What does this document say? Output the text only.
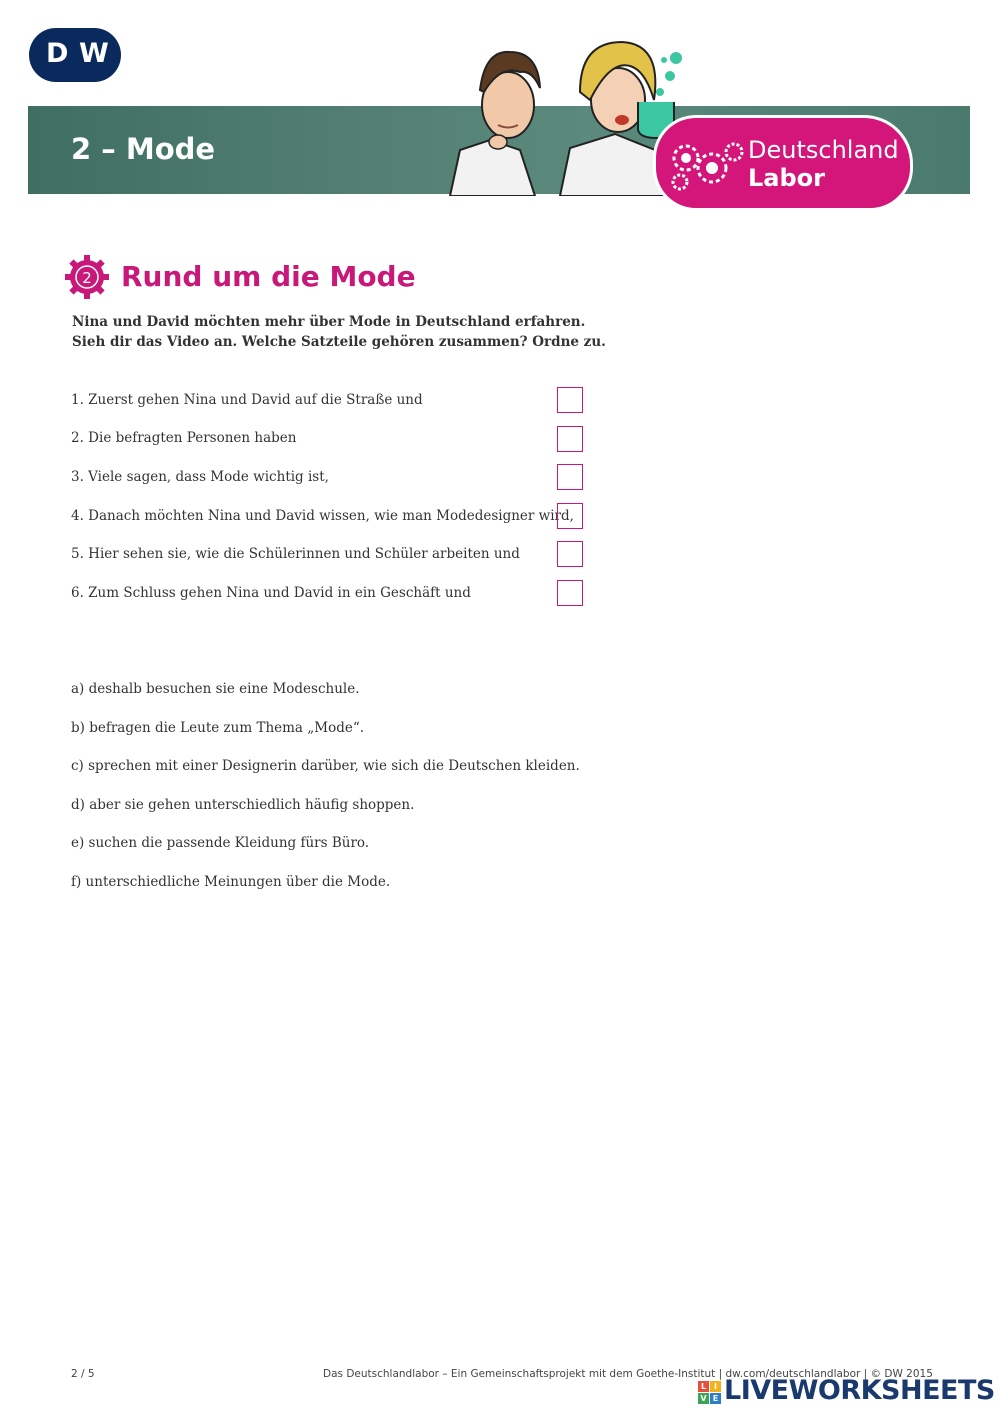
D W
2 – Mode	Deutschland
Labor
2 Rund um die Mode
Nina und David möchten mehr über Mode in Deutschland erfahren.
Sieh dir das Video an. Welche Satzteile gehören zusammen? Ordne zu.
1. Zuerst gehen Nina und David auf die Straße und
2. Die befragten Personen haben
3. Viele sagen, dass Mode wichtig ist,
4. Danach möchten Nina und David wissen, wie man Modedesigner wird,
5. Hier sehen sie, wie die Schülerinnen und Schüler arbeiten und
6. Zum Schluss gehen Nina und David in ein Geschäft und
a) deshalb besuchen sie eine Modeschule.
b) befragen die Leute zum Thema „Mode“.
c) sprechen mit einer Designerin darüber, wie sich die Deutschen kleiden.
d) aber sie gehen unterschiedlich häufig shoppen.
e) suchen die passende Kleidung fürs Büro.
f) unterschiedliche Meinungen über die Mode.
2 / 5	Das Deutschlandlabor – Ein Gemeinschaftsprojekt mit dem Goethe-Institut | dw.com/deutschlandlabor | © DW 2015
L I
V E LIVEWORKSHEETS
